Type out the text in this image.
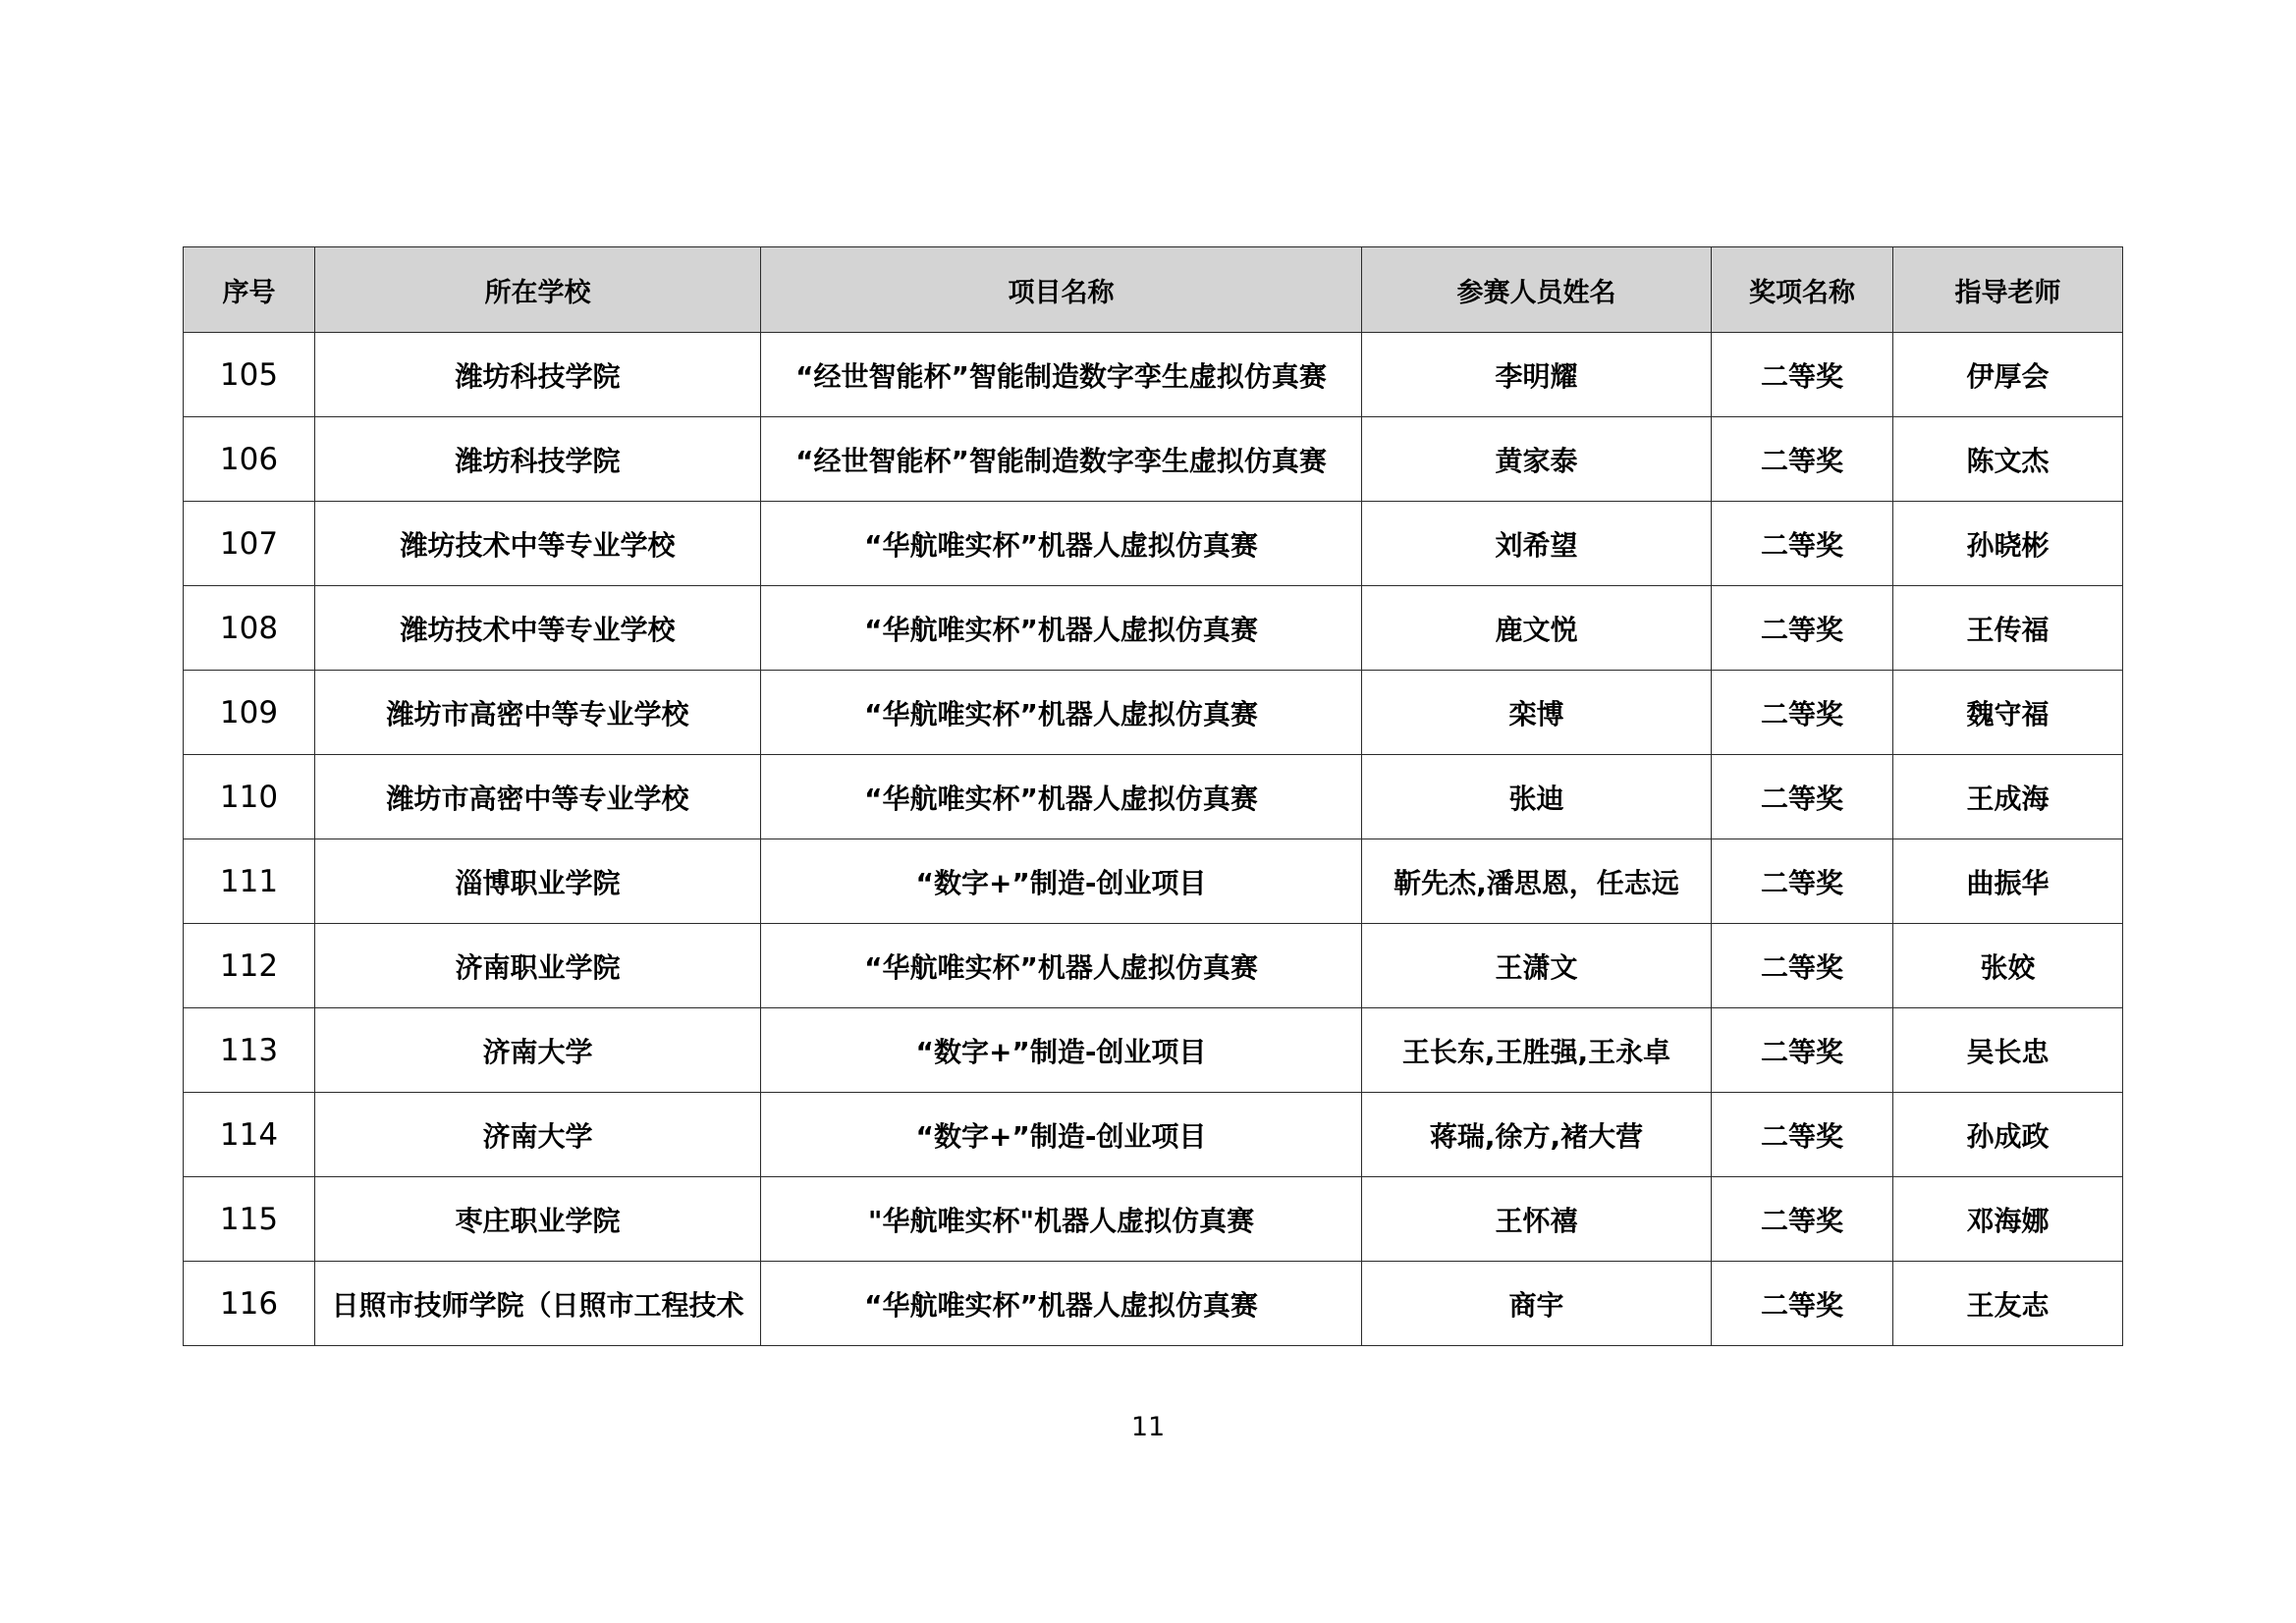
序号	所在学校	项目名称	参赛人员姓名	奖项名称	指导老师
105	潍坊科技学院	“经世智能杯”智能制造数字孪生虚拟仿真赛	李明耀	二等奖	伊厚会
106	潍坊科技学院	“经世智能杯”智能制造数字孪生虚拟仿真赛	黄家泰	二等奖	陈文杰
107	潍坊技术中等专业学校	“华航唯实杯”机器人虚拟仿真赛	刘希望	二等奖	孙晓彬
108	潍坊技术中等专业学校	“华航唯实杯”机器人虚拟仿真赛	鹿文悦	二等奖	王传福
109	潍坊市高密中等专业学校	“华航唯实杯”机器人虚拟仿真赛	栾博	二等奖	魏守福
110	潍坊市高密中等专业学校	“华航唯实杯”机器人虚拟仿真赛	张迪	二等奖	王成海
111	淄博职业学院	“数字+”制造-创业项目	靳先杰,潘思恩，任志远	二等奖	曲振华
112	济南职业学院	“华航唯实杯”机器人虚拟仿真赛	王潇文	二等奖	张姣
113	济南大学	“数字+”制造-创业项目	王长东,王胜强,王永卓	二等奖	吴长忠
114	济南大学	“数字+”制造-创业项目	蒋瑞,徐方,褚大营	二等奖	孙成政
115	枣庄职业学院	"华航唯实杯"机器人虚拟仿真赛	王怀禧	二等奖	邓海娜
116	日照市技师学院（日照市工程技术	“华航唯实杯”机器人虚拟仿真赛	商宇	二等奖	王友志
11
